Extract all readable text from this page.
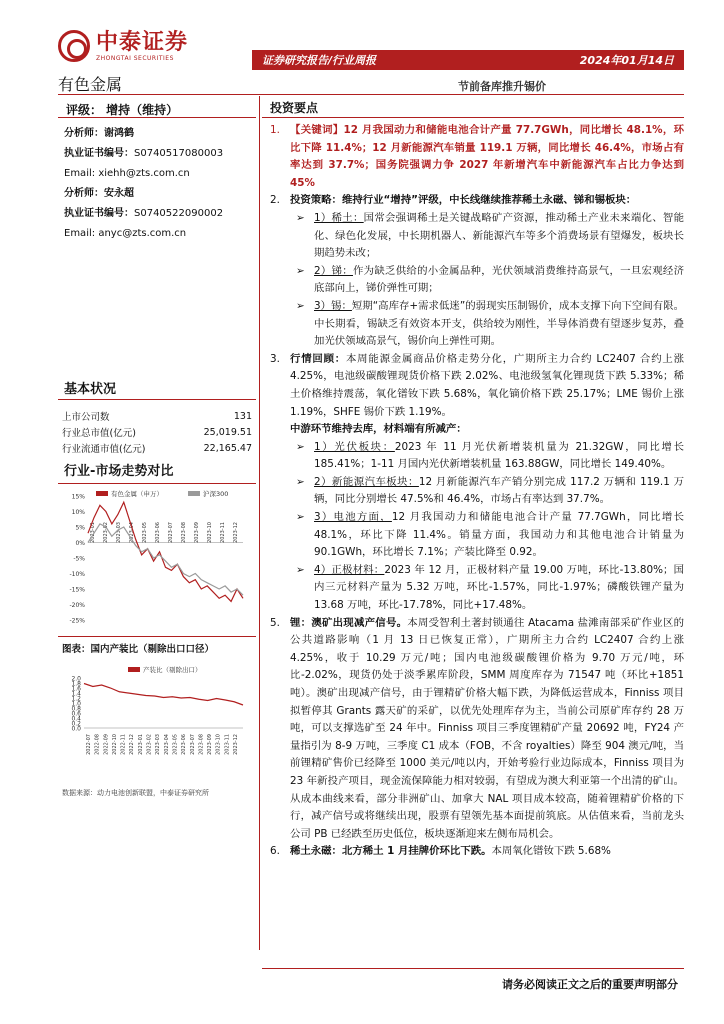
中泰证券
ZHONGTAI SECURITIES	证券研究报告/行业周报	2024年01月14日
有色金属	节前备库推升锡价
评级： 增持（维持）
分析师：谢鸿鹤
执业证书编号：S0740517080003
Email: xiehh@zts.com.cn
分析师：安永超
执业证书编号：S0740522090002
Email: anyc@zts.com.cn
基本状况
上市公司数	131
行业总市值(亿元)	25,019.51
行业流通市值(亿元)	22,165.47
行业-市场走势对比
15%
10%
5%
0%
-5%
-10%
-15%
-20%
-25%
2023-01 2023-02 2023-03 2023-04 2023-05 2023-06 2023-07 2023-08 2023-09 2023-10 2023-11 2023-12
有色金属（申万）	沪深300
图表：国内产装比（剔除出口口径）
2.0
1.8
1.6
1.4
1.2
1.0
0.8
0.6
0.4
0.2
0.0
2022-07 2022-08 2022-09 2022-10 2022-11 2022-12 2023-01 2023-02 2023-03 2023-04 2023-05 2023-06 2023-07 2023-08 2023-09 2023-10 2023-11 2023-12
产装比（剔除出口）
数据来源：动力电池创新联盟，中泰证券研究所
投资要点
1. 【关键词】12 月我国动力和储能电池合计产量 77.7GWh，同比增长 48.1%，环比下降 11.4%；12 月新能源汽车销量 119.1 万辆，同比增长 46.4%，市场占有率达到 37.7%；国务院强调力争 2027 年新增汽车中新能源汽车占比力争达到 45%
2. 投资策略：维持行业“增持”评级，中长线继续推荐稀土永磁、锑和锡板块：
➢ 1）稀土：国常会强调稀土是关键战略矿产资源，推动稀土产业未来端化、智能化、绿色化发展，中长期机器人、新能源汽车等多个消费场景有望爆发，板块长期趋势未改；
➢ 2）锑：作为缺乏供给的小金属品种，光伏领域消费维持高景气，一旦宏观经济底部向上，锑价弹性可期；
➢ 3）锡：短期“高库存+需求低迷”的弱现实压制锡价，成本支撑下向下空间有限。中长期看，锡缺乏有效资本开支，供给较为刚性，半导体消费有望逐步复苏，叠加光伏领域高景气，锡价向上弹性可期。
3. 行情回顾：本周能源金属商品价格走势分化，广期所主力合约 LC2407 合约上涨 4.25%，电池级碳酸锂现货价格下跌 2.02%、电池级氢氧化锂现货下跌 5.33%；稀土价格维持震荡，氧化镨钕下跌 5.68%，氧化镝价格下跌 25.17%；LME 锡价上涨 1.19%，SHFE 锡价下跌 1.19%。
中游环节维持去库，材料端有所减产：
➢ 1）光伏板块：2023 年 11 月光伏新增装机量为 21.32GW，同比增长 185.41%；1-11 月国内光伏新增装机量 163.88GW，同比增长 149.40%。
➢ 2）新能源汽车板块：12 月新能源汽车产销分别完成 117.2 万辆和 119.1 万辆，同比分别增长 47.5%和 46.4%，市场占有率达到 37.7%。
➢ 3）电池方面，12 月我国动力和储能电池合计产量 77.7GWh，同比增长 48.1%，环比下降 11.4%。销量方面，我国动力和其他电池合计销量为 90.1GWh，环比增长 7.1%；产装比降至 0.92。
➢ 4）正极材料：2023 年 12 月，正极材料产量 19.00 万吨，环比-13.80%；国内三元材料产量为 5.32 万吨，环比-1.57%，同比-1.97%；磷酸铁锂产量为 13.68 万吨，环比-17.78%，同比+17.48%。
5. 锂：澳矿出现减产信号。本周受智利土著封锁通往 Atacama 盐滩南部采矿作业区的公共道路影响（1 月 13 日已恢复正常），广期所主力合约 LC2407 合约上涨 4.25%，收于 10.29 万元/吨；国内电池级碳酸锂价格为 9.70 万元/吨，环比-2.02%，现货仍处于淡季累库阶段，SMM 周度库存为 71547 吨（环比+1851 吨）。澳矿出现减产信号，由于锂精矿价格大幅下跌，为降低运营成本，Finniss 项目拟暂停其 Grants 露天矿的采矿，以优先处理库存为主，当前公司原矿库存约 28 万吨，可以支撑选矿至 24 年中。Finniss 项目三季度锂精矿产量 20692 吨，FY24 产量指引为 8-9 万吨，三季度 C1 成本（FOB，不含 royalties）降至 904 澳元/吨，当前锂精矿售价已经降至 1000 美元/吨以内，开始考验行业边际成本，Finniss 项目为 23 年新投产项目，现金流保障能力相对较弱，有望成为澳大利亚第一个出清的矿山。从成本曲线来看，部分非洲矿山、加拿大 NAL 项目成本较高，随着锂精矿价格的下行，减产信号或将继续出现，股票有望领先基本面提前筑底。从估值来看，当前龙头公司 PB 已经跌至历史低位，板块逐渐迎来左侧布局机会。
6. 稀土永磁：北方稀土 1 月挂牌价环比下跌。本周氧化镨钕下跌 5.68%
请务必阅读正文之后的重要声明部分
